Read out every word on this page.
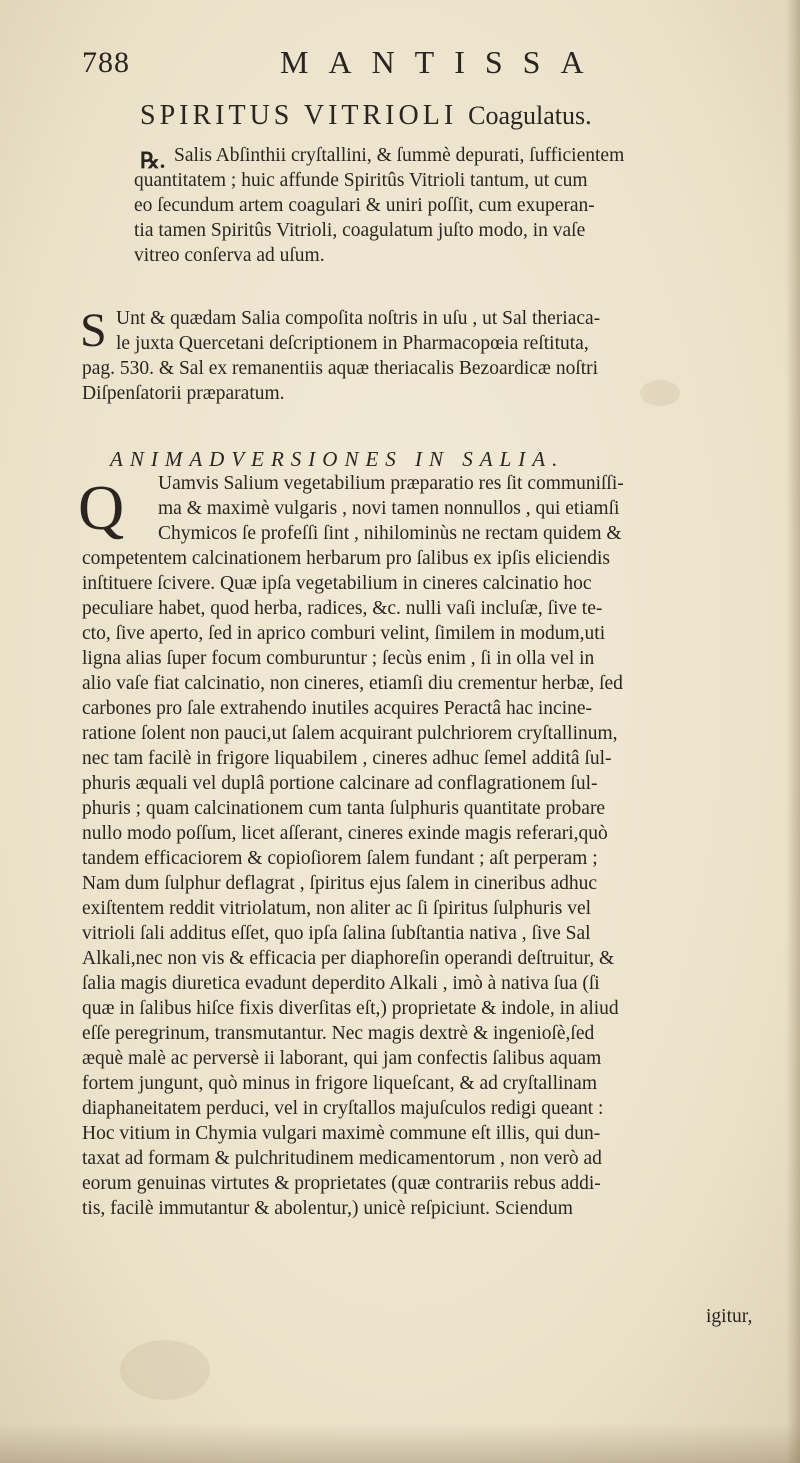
788	MANTISSA
SPIRITUS VITRIOLI Coagulatus.
℞. Salis Abſinthii cryſtallini, & ſummè depurati, ſufficientem
quantitatem ; huic affunde Spiritûs Vitrioli tantum, ut cum
eo ſecundum artem coagulari & uniri poſſit, cum exuperan-
tia tamen Spiritûs Vitrioli, coagulatum juſto modo, in vaſe
vitreo conſerva ad uſum.
S Unt & quædam Salia compoſita noſtris in uſu , ut Sal theriaca-
le juxta Quercetani deſcriptionem in Pharmacopœia reſtituta,
pag. 530. & Sal ex remanentiis aquæ theriacalis Bezoardicæ noſtri
Diſpenſatorii præparatum.
ANIMADVERSIONES IN SALIA.
Q	Uamvis Salium vegetabilium præparatio res ſit communiſſi-
ma & maximè vulgaris , novi tamen nonnullos , qui etiamſi
Chymicos ſe profeſſi ſint , nihilominùs ne rectam quidem &
competentem calcinationem herbarum pro ſalibus ex ipſis eliciendis
inſtituere ſcivere. Quæ ipſa vegetabilium in cineres calcinatio hoc
peculiare habet, quod herba, radices, &c. nulli vaſi incluſæ, ſive te-
cto, ſive aperto, ſed in aprico comburi velint, ſimilem in modum,uti
ligna alias ſuper focum comburuntur ; ſecùs enim , ſi in olla vel in
alio vaſe fiat calcinatio, non cineres, etiamſi diu crementur herbæ, ſed
carbones pro ſale extrahendo inutiles acquires Peractâ hac incine-
ratione ſolent non pauci,ut ſalem acquirant pulchriorem cryſtallinum,
nec tam facilè in frigore liquabilem , cineres adhuc ſemel additâ ſul-
phuris æquali vel duplâ portione calcinare ad conflagrationem ſul-
phuris ; quam calcinationem cum tanta ſulphuris quantitate probare
nullo modo poſſum, licet aſſerant, cineres exinde magis referari,quò
tandem efficaciorem & copioſiorem ſalem fundant ; aſt perperam ;
Nam dum ſulphur deflagrat , ſpiritus ejus ſalem in cineribus adhuc
exiſtentem reddit vitriolatum, non aliter ac ſi ſpiritus ſulphuris vel
vitrioli ſali additus eſſet, quo ipſa ſalina ſubſtantia nativa , ſive Sal
Alkali,nec non vis & efficacia per diaphoreſin operandi deſtruitur, &
ſalia magis diuretica evadunt deperdito Alkali , imò à nativa ſua (ſi
quæ in ſalibus hiſce fixis diverſitas eſt,) proprietate & indole, in aliud
eſſe peregrinum, transmutantur. Nec magis dextrè & ingenioſè,ſed
æquè malè ac perversè ii laborant, qui jam confectis ſalibus aquam
fortem jungunt, quò minus in frigore liqueſcant, & ad cryſtallinam
diaphaneitatem perduci, vel in cryſtallos majuſculos redigi queant :
Hoc vitium in Chymia vulgari maximè commune eſt illis, qui dun-
taxat ad formam & pulchritudinem medicamentorum , non verò ad
eorum genuinas virtutes & proprietates (quæ contrariis rebus addi-
tis, facilè immutantur & abolentur,) unicè reſpiciunt. Sciendum
igitur,
